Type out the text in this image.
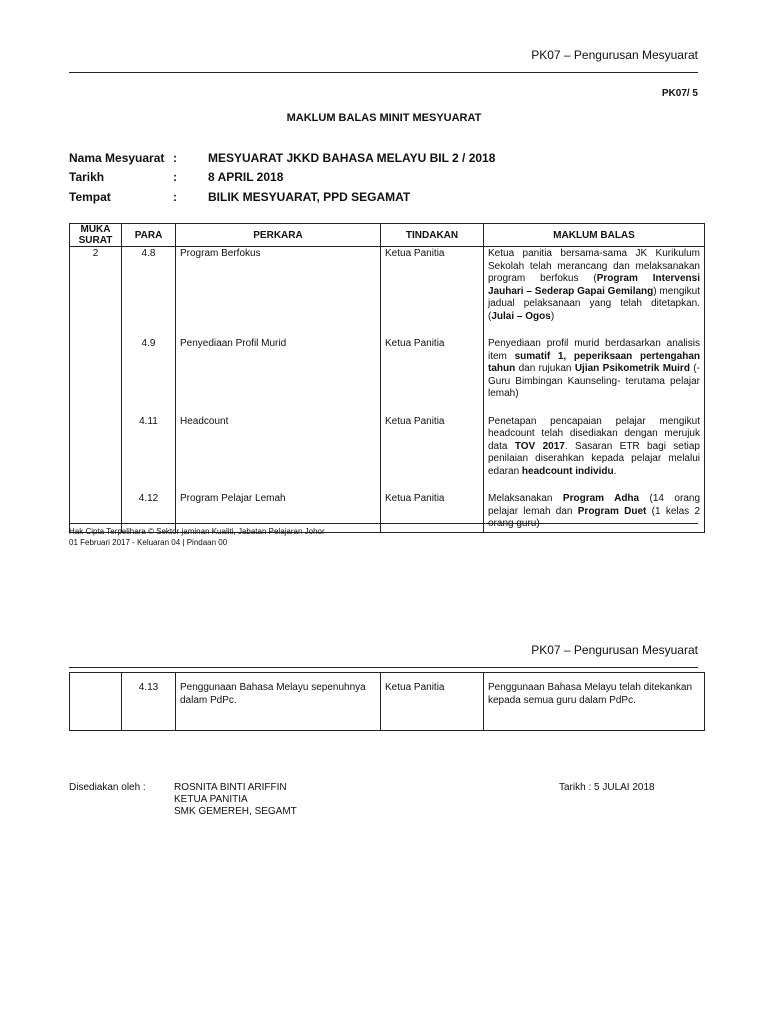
PK07 – Pengurusan Mesyuarat
PK07/ 5
MAKLUM BALAS MINIT MESYUARAT
Nama Mesyuarat :	MESYUARAT JKKD BAHASA MELAYU BIL 2 / 2018
Tarikh	:	8 APRIL 2018
Tempat	:	BILIK MESYUARAT, PPD SEGAMAT
MUKA SURAT	PARA	PERKARA	TINDAKAN	MAKLUM BALAS
2	4.8	Program Berfokus	Ketua Panitia	Ketua panitia bersama-sama JK Kurikulum Sekolah telah merancang dan melaksanakan program berfokus (Program Intervensi Jauhari – Sederap Gapai Gemilang) mengikut jadual pelaksanaan yang telah ditetapkan.(Julai – Ogos)

	4.9	Penyediaan Profil Murid	Ketua Panitia	Penyediaan profil murid berdasarkan analisis item sumatif 1, peperiksaan pertengahan tahun dan rujukan Ujian Psikometrik Muird (-Guru Bimbingan Kaunseling- terutama pelajar lemah)

	4.11	Headcount	Ketua Panitia	Penetapan pencapaian pelajar mengikut headcount telah disediakan dengan merujuk data TOV 2017. Sasaran ETR bagi setiap penilaian diserahkan kepada pelajar melalui edaran headcount individu.

	4.12	Program Pelajar Lemah	Ketua Panitia	Melaksanakan Program Adha (14 orang pelajar lemah dan Program Duet (1 kelas 2
Hak Cipta Terpelihara © Sektor jaminan Kualiti, Jabatan Pelajaran Johor
01 Februari 2017 - Keluaran 04 | Pindaan 00
PK07 – Pengurusan Mesyuarat
	4.13	Penggunaan Bahasa Melayu sepenuhnya dalam PdPc.	Ketua Panitia	Penggunaan Bahasa Melayu telah ditekankan kepada semua guru dalam PdPc.
Disediakan oleh :	ROSNITA BINTI ARIFFIN
KETUA PANITIA
SMK GEMEREH, SEGAMT
Tarikh : 5 JULAI 2018
